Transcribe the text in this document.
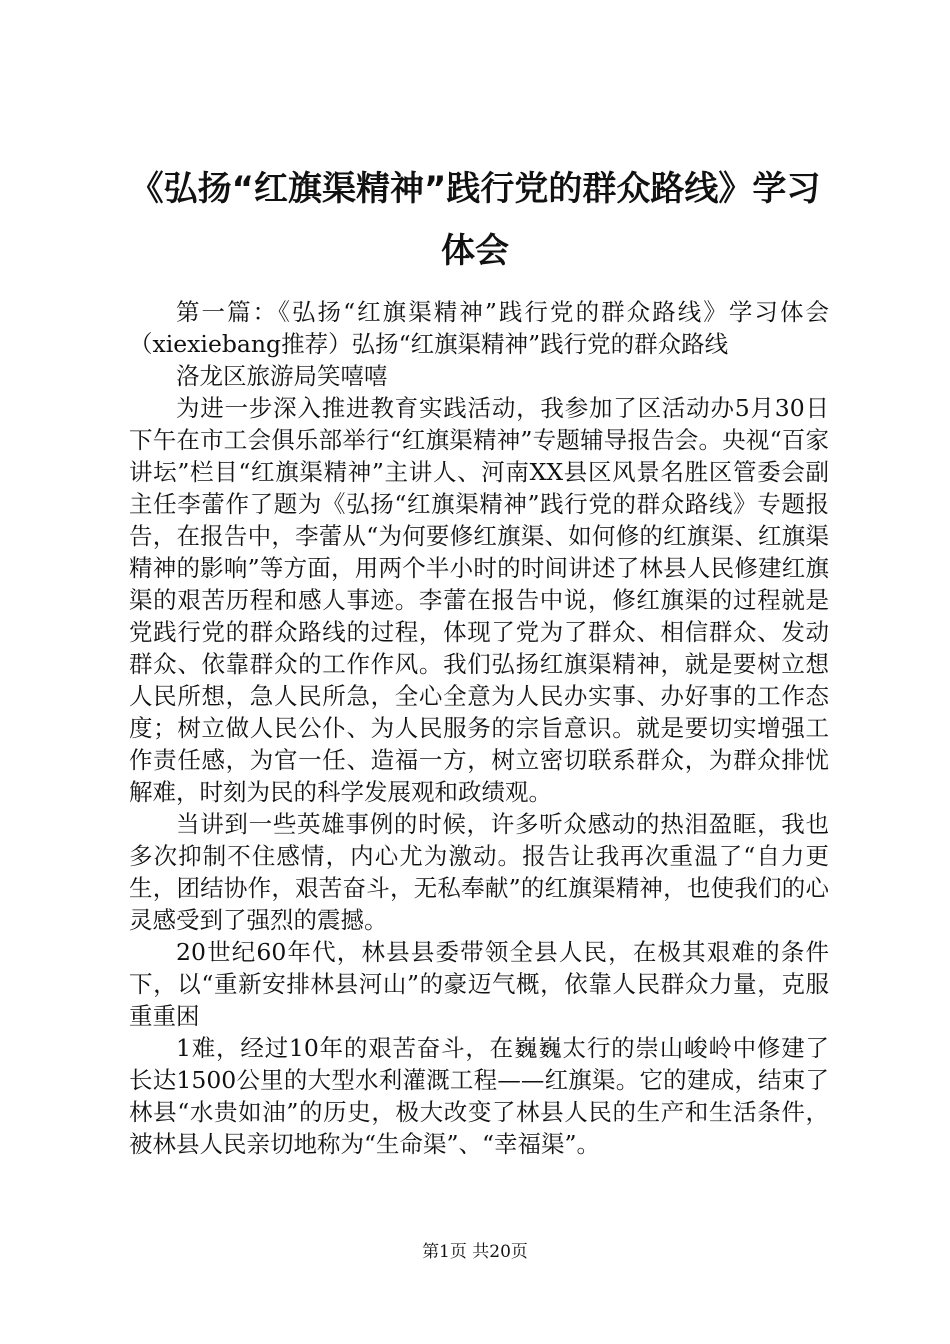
《弘扬“红旗渠精神”践行党的群众路线》学习体会

第一篇：《弘扬“红旗渠精神”践行党的群众路线》学习体会（xiexiebang推荐）弘扬“红旗渠精神”践行党的群众路线

洛龙区旅游局笑嘻嘻

为进一步深入推进教育实践活动，我参加了区活动办5月30日下午在市工会俱乐部举行“红旗渠精神”专题辅导报告会。央视“百家讲坛”栏目“红旗渠精神”主讲人、河南XX县区风景名胜区管委会副主任李蕾作了题为《弘扬“红旗渠精神”践行党的群众路线》专题报告，在报告中，李蕾从“为何要修红旗渠、如何修的红旗渠、红旗渠精神的影响”等方面，用两个半小时的时间讲述了林县人民修建红旗渠的艰苦历程和感人事迹。李蕾在报告中说，修红旗渠的过程就是党践行党的群众路线的过程，体现了党为了群众、相信群众、发动群众、依靠群众的工作作风。我们弘扬红旗渠精神，就是要树立想人民所想，急人民所急，全心全意为人民办实事、办好事的工作态度；树立做人民公仆、为人民服务的宗旨意识。就是要切实增强工作责任感，为官一任、造福一方，树立密切联系群众，为群众排忧解难，时刻为民的科学发展观和政绩观。

当讲到一些英雄事例的时候，许多听众感动的热泪盈眶，我也多次抑制不住感情，内心尤为激动。报告让我再次重温了“自力更生，团结协作，艰苦奋斗，无私奉献”的红旗渠精神，也使我们的心灵感受到了强烈的震撼。

20世纪60年代，林县县委带领全县人民，在极其艰难的条件下，以“重新安排林县河山”的豪迈气概，依靠人民群众力量，克服重重困

1难，经过10年的艰苦奋斗，在巍巍太行的崇山峻岭中修建了长达1500公里的大型水利灌溉工程——红旗渠。它的建成，结束了林县“水贵如油”的历史，极大改变了林县人民的生产和生活条件，被林县人民亲切地称为“生命渠”、“幸福渠”。

第1页 共20页
